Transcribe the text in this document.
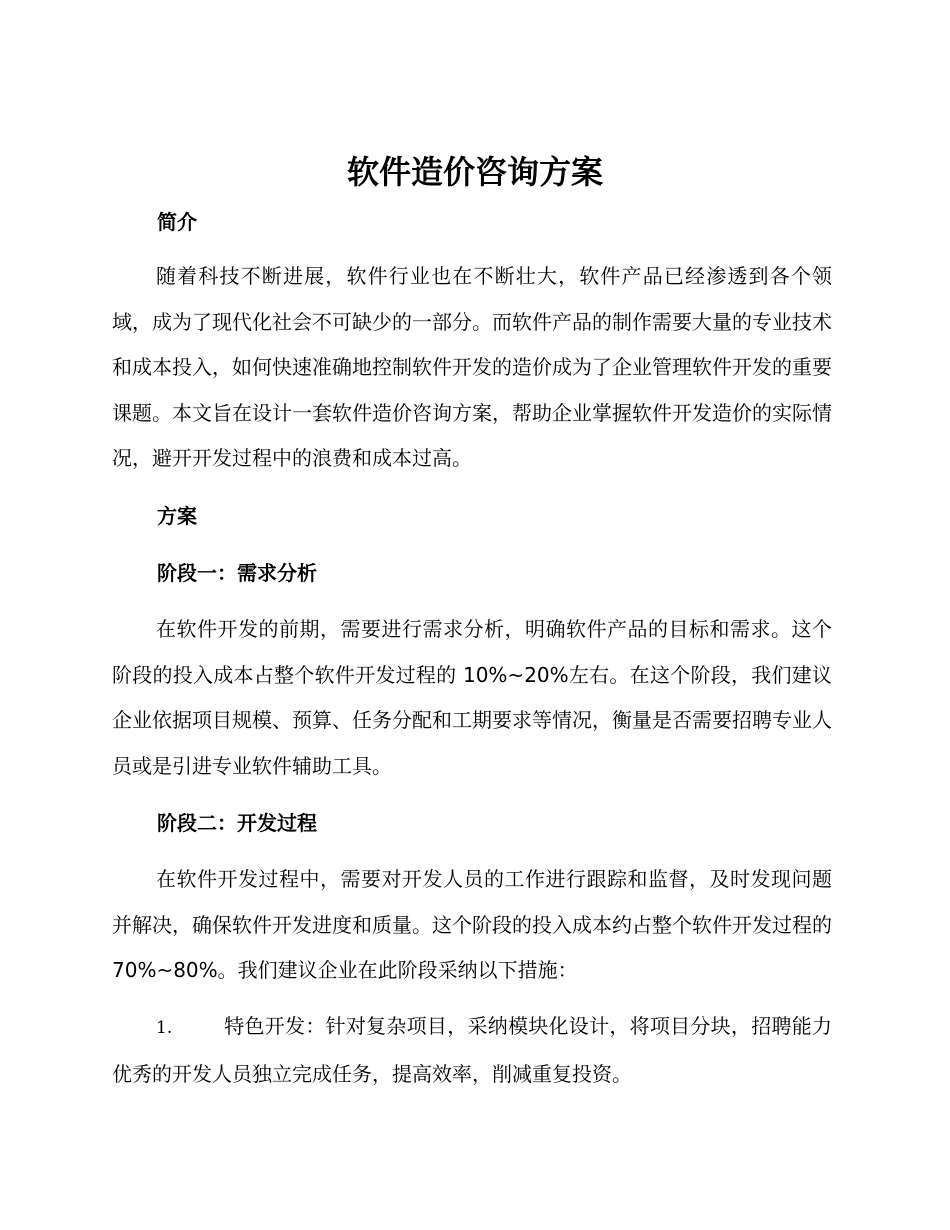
软件造价咨询方案
简介

随着科技不断进展，软件行业也在不断壮大，软件产品已经渗透到各个领域，成为了现代化社会不可缺少的一部分。而软件产品的制作需要大量的专业技术和成本投入，如何快速准确地控制软件开发的造价成为了企业管理软件开发的重要课题。本文旨在设计一套软件造价咨询方案，帮助企业掌握软件开发造价的实际情况，避开开发过程中的浪费和成本过高。

方案
阶段一：需求分析

在软件开发的前期，需要进行需求分析，明确软件产品的目标和需求。这个阶段的投入成本占整个软件开发过程的 10%~20%左右。在这个阶段，我们建议企业依据项目规模、预算、任务分配和工期要求等情况，衡量是否需要招聘专业人员或是引进专业软件辅助工具。

阶段二：开发过程

在软件开发过程中，需要对开发人员的工作进行跟踪和监督，及时发现问题并解决，确保软件开发进度和质量。这个阶段的投入成本约占整个软件开发过程的 70%~80%。我们建议企业在此阶段采纳以下措施：

1.	特色开发：针对复杂项目，采纳模块化设计，将项目分块，招聘能力优秀的开发人员独立完成任务，提高效率，削减重复投资。
